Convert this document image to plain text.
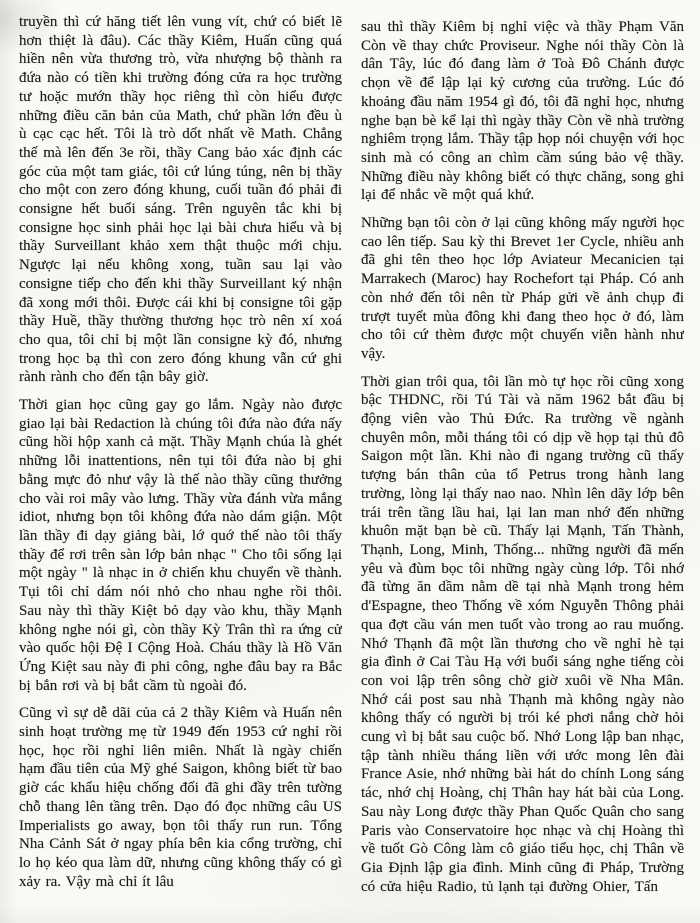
truyền thì cứ hăng tiết lên vung vít, chứ có biết lẽ hơn thiệt là đâu). Các thầy Kiêm, Huấn cũng quá hiền nên vừa thương trò, vừa nhượng bộ thành ra đứa nào có tiền khi trường đóng cửa ra học trường tư hoặc mướn thầy học riêng thì còn hiểu được những điều căn bản của Math, chứ phần lớn đều ù ù cạc cạc hết. Tôi là trò dốt nhất về Math. Chẳng thế mà lên đến 3e rồi, thầy Cang bảo xác định các góc của một tam giác, tôi cứ lúng túng, nên bị thầy cho một con zero đóng khung, cuối tuần đó phải đi consigne hết buổi sáng. Trên nguyên tắc khi bị consigne học sinh phải học lại bài chưa hiểu và bị thầy Surveillant khảo xem thật thuộc mới chịu. Ngược lại nếu không xong, tuần sau lại vào consigne tiếp cho đến khi thầy Surveillant ký nhận đã xong mới thôi. Được cái khi bị consigne tôi gặp thầy Huề, thầy thường thương học trò nên xí xoá cho qua, tôi chỉ bị một lần consigne kỳ đó, nhưng trong học bạ thì con zero đóng khung vẫn cứ ghi rành rành cho đến tận bây giờ.

Thời gian học cũng gay go lắm. Ngày nào được giao lại bài Redaction là chúng tôi đứa nào đứa nấy cũng hồi hộp xanh cả mặt. Thầy Mạnh chúa là ghét những lỗi inattentions, nên tụi tôi đứa nào bị ghi bằng mực đỏ như vậy là thế nào thầy cũng thưởng cho vài roi mây vào lưng. Thầy vừa đánh vừa mắng idiot, nhưng bọn tôi không đứa nào dám giận. Một lần thầy đi dạy giảng bài, lớ quớ thế nào tôi thấy thầy để rơi trên sàn lớp bản nhạc " Cho tôi sống lại một ngày " là nhạc in ở chiến khu chuyển về thành. Tụi tôi chỉ dám nói nhỏ cho nhau nghe rồi thôi. Sau này thì thầy Kiệt bỏ dạy vào khu, thầy Mạnh không nghe nói gì, còn thầy Kỳ Trân thì ra ứng cử vào quốc hội Đệ I Cộng Hoà. Cháu thầy là Hồ Văn Ứng Kiệt sau này đi phi công, nghe đâu bay ra Bắc bị bắn rơi và bị bắt cầm tù ngoài đó.

Cũng vì sự dễ dãi của cả 2 thầy Kiêm và Huấn nên sinh hoạt trường mẹ từ 1949 đến 1953 cứ nghỉ rồi học, học rồi nghỉ liên miên. Nhất là ngày chiến hạm đầu tiên của Mỹ ghé Saigon, không biết từ bao giờ các khẩu hiệu chống đối đã ghi đầy trên tường chỗ thang lên tầng trên. Dạo đó đọc những câu US Imperialists go away, bọn tôi thấy run run. Tổng Nha Cảnh Sát ở ngay phía bên kia cổng trường, chỉ lo họ kéo qua làm dữ, nhưng cũng không thấy có gì xảy ra. Vậy mà chỉ ít lâu

sau thì thầy Kiêm bị nghỉ việc và thầy Phạm Văn Còn về thay chức Proviseur. Nghe nói thầy Còn là dân Tây, lúc đó đang làm ở Toà Đô Chánh được chọn về để lập lại kỷ cương của trường. Lúc đó khoảng đầu năm 1954 gì đó, tôi đã nghỉ học, nhưng nghe bạn bè kể lại thì ngày thầy Còn về nhà trường nghiêm trọng lắm. Thầy tập họp nói chuyện với học sinh mà có công an chìm cầm súng bảo vệ thầy. Những điều này không biết có thực chăng, song ghi lại để nhắc về một quá khứ.

Những bạn tôi còn ở lại cũng không mấy người học cao lên tiếp. Sau kỳ thi Brevet 1er Cycle, nhiều anh đã ghi tên theo học lớp Aviateur Mecanicien tại Marrakech (Maroc) hay Rochefort tại Pháp. Có anh còn nhớ đến tôi nên từ Pháp gửi về ảnh chụp đi trượt tuyết mùa đông khi đang theo học ở đó, làm cho tôi cứ thèm được một chuyến viễn hành như vậy.

Thời gian trôi qua, tôi lần mò tự học rồi cũng xong bậc THDNC, rồi Tú Tài và năm 1962 bắt đầu bị động viên vào Thủ Đức. Ra trường về ngành chuyên môn, mỗi tháng tôi có dịp về họp tại thủ đô Saigon một lần. Khi nào đi ngang trường cũ thấy tượng bán thân của tổ Petrus trong hành lang trường, lòng lại thấy nao nao. Nhìn lên dãy lớp bên trái trên tầng lầu hai, lại lan man nhớ đến những khuôn mặt bạn bè cũ. Thấy lại Mạnh, Tấn Thành, Thạnh, Long, Minh, Thống... những người đã mến yêu và đùm bọc tôi những ngày cùng lớp. Tôi nhớ đã từng ăn dầm nằm dề tại nhà Mạnh trong hẻm d'Espagne, theo Thống về xóm Nguyễn Thông phải qua đợt cầu ván men tuốt vào trong ao rau muống. Nhớ Thạnh đã một lần thương cho về nghỉ hè tại gia đình ở Cai Tàu Hạ với buổi sáng nghe tiếng còi con voi lập trên sông chờ giờ xuôi về Nha Mân. Nhớ cái post sau nhà Thạnh mà không ngày nào không thấy có người bị trói ké phơi nắng chờ hỏi cung vì bị bắt sau cuộc bố. Nhớ Long lập ban nhạc, tập tành nhiều tháng liền với ước mong lên đài France Asie, nhớ những bài hát do chính Long sáng tác, nhớ chị Hoàng, chị Thân hay hát bài của Long. Sau này Long được thầy Phan Quốc Quân cho sang Paris vào Conservatoire học nhạc và chị Hoàng thì về tuốt Gò Công làm cô giáo tiểu học, chị Thân về Gia Định lập gia đình. Minh cũng đi Pháp, Trường có cửa hiệu Radio, tủ lạnh tại đường Ohier, Tấn
